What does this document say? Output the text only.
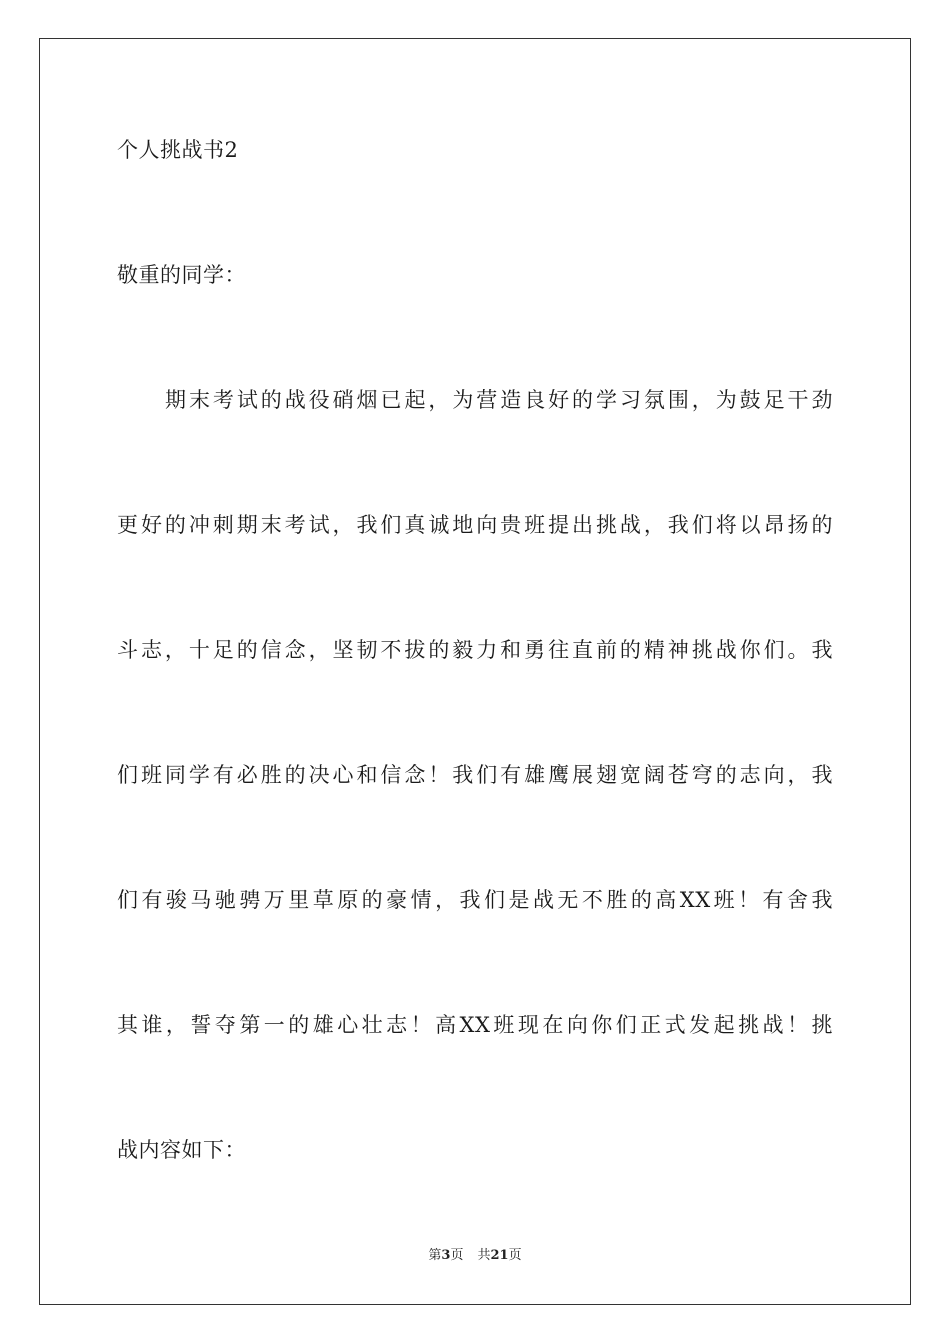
个人挑战书2
敬重的同学：
期末考试的战役硝烟已起，为营造良好的学习氛围，为鼓足干劲
更好的冲刺期末考试，我们真诚地向贵班提出挑战，我们将以昂扬的
斗志，十足的信念，坚韧不拔的毅力和勇往直前的精神挑战你们。我
们班同学有必胜的决心和信念！我们有雄鹰展翅宽阔苍穹的志向，我
们有骏马驰骋万里草原的豪情，我们是战无不胜的高XX班！有舍我
其谁，誓夺第一的雄心壮志！高XX班现在向你们正式发起挑战！挑
战内容如下：
第3页 共21页
